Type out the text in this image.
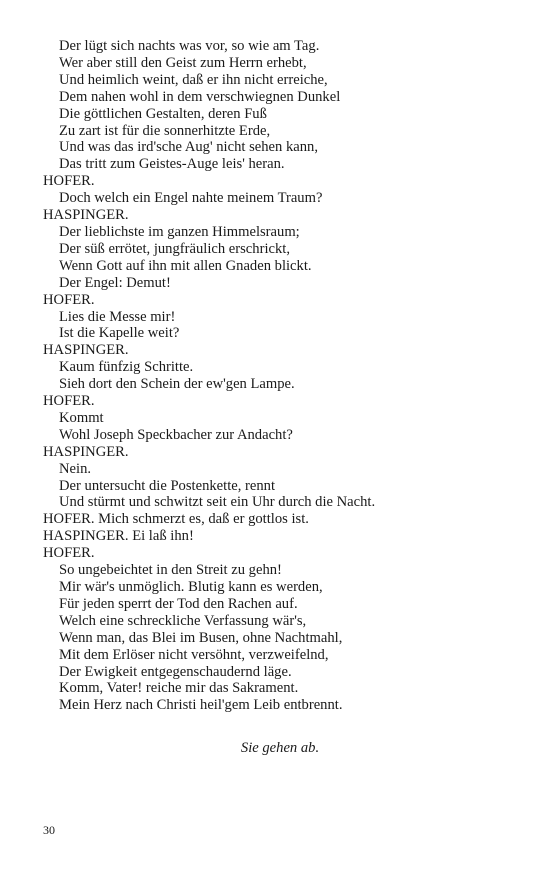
Der lügt sich nachts was vor, so wie am Tag.
Wer aber still den Geist zum Herrn erhebt,
Und heimlich weint, daß er ihn nicht erreiche,
Dem nahen wohl in dem verschwiegnen Dunkel
Die göttlichen Gestalten, deren Fuß
Zu zart ist für die sonnerhitzte Erde,
Und was das ird'sche Aug' nicht sehen kann,
Das tritt zum Geistes-Auge leis' heran.
HOFER.
Doch welch ein Engel nahte meinem Traum?
HASPINGER.
Der lieblichste im ganzen Himmelsraum;
Der süß errötet, jungfräulich erschrickt,
Wenn Gott auf ihn mit allen Gnaden blickt.
Der Engel: Demut!
HOFER.
Lies die Messe mir!
Ist die Kapelle weit?
HASPINGER.
Kaum fünfzig Schritte.
Sieh dort den Schein der ew'gen Lampe.
HOFER.
Kommt
Wohl Joseph Speckbacher zur Andacht?
HASPINGER.
Nein.
Der untersucht die Postenkette, rennt
Und stürmt und schwitzt seit ein Uhr durch die Nacht.
HOFER. Mich schmerzt es, daß er gottlos ist.
HASPINGER. Ei laß ihn!
HOFER.
So ungebeichtet in den Streit zu gehn!
Mir wär's unmöglich. Blutig kann es werden,
Für jeden sperrt der Tod den Rachen auf.
Welch eine schreckliche Verfassung wär's,
Wenn man, das Blei im Busen, ohne Nachtmahl,
Mit dem Erlöser nicht versöhnt, verzweifelnd,
Der Ewigkeit entgegenschaudernd läge.
Komm, Vater! reiche mir das Sakrament.
Mein Herz nach Christi heil'gem Leib entbrennt.
Sie gehen ab.
30
